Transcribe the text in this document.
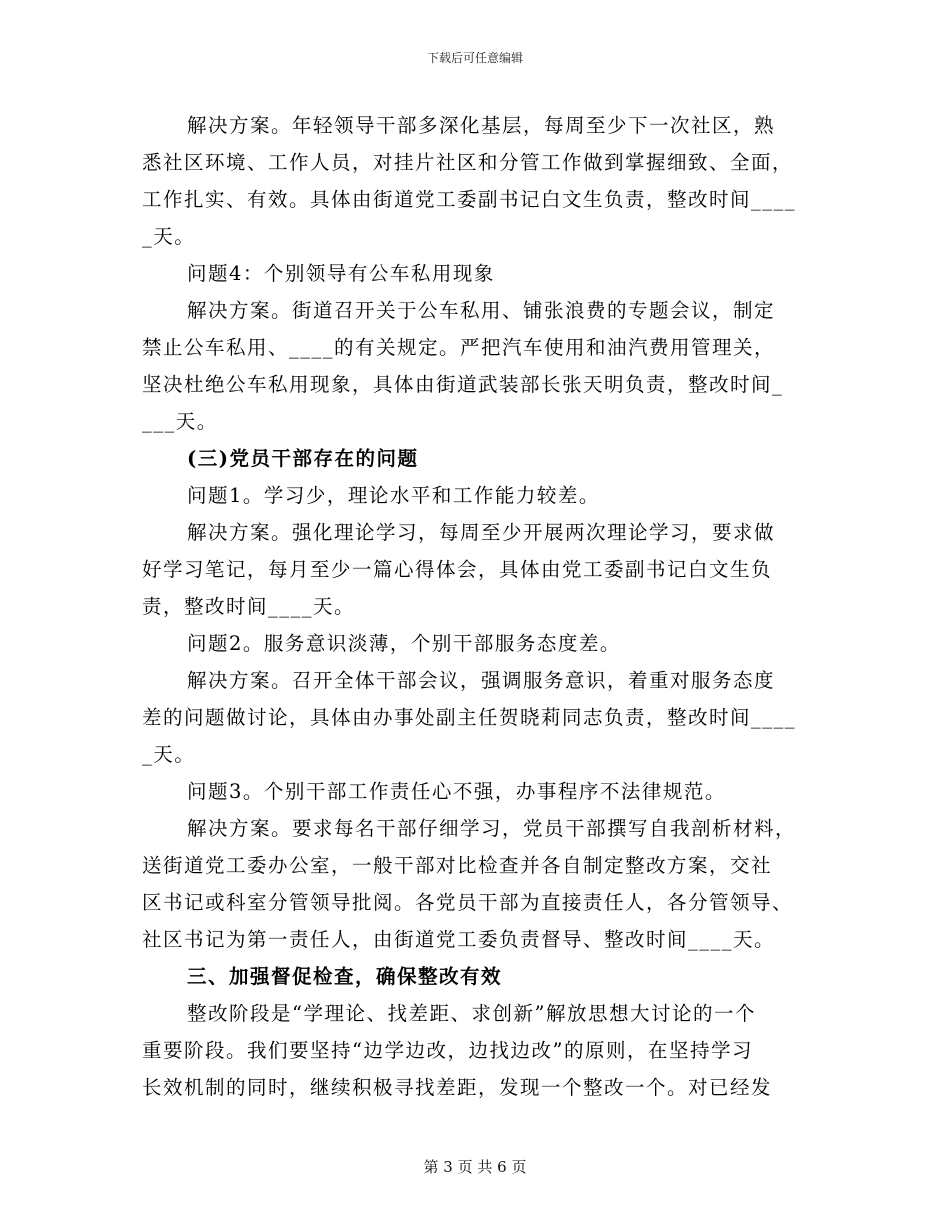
下载后可任意编辑
解决方案。年轻领导干部多深化基层，每周至少下一次社区，熟
悉社区环境、工作人员，对挂片社区和分管工作做到掌握细致、全面，
工作扎实、有效。具体由街道党工委副书记白文生负责，整改时间____
_天。
问题4：个别领导有公车私用现象
解决方案。街道召开关于公车私用、铺张浪费的专题会议，制定
禁止公车私用、____的有关规定。严把汽车使用和油汽费用管理关，
坚决杜绝公车私用现象，具体由街道武装部长张天明负责，整改时间_
___天。
(三)党员干部存在的问题
问题1。学习少，理论水平和工作能力较差。
解决方案。强化理论学习，每周至少开展两次理论学习，要求做
好学习笔记，每月至少一篇心得体会，具体由党工委副书记白文生负
责，整改时间____天。
问题2。服务意识淡薄，个别干部服务态度差。
解决方案。召开全体干部会议，强调服务意识，着重对服务态度
差的问题做讨论，具体由办事处副主任贺晓莉同志负责，整改时间____
_天。
问题3。个别干部工作责任心不强，办事程序不法律规范。
解决方案。要求每名干部仔细学习，党员干部撰写自我剖析材料，
送街道党工委办公室，一般干部对比检查并各自制定整改方案，交社
区书记或科室分管领导批阅。各党员干部为直接责任人，各分管领导、
社区书记为第一责任人，由街道党工委负责督导、整改时间____天。
三、加强督促检查，确保整改有效
整改阶段是“学理论、找差距、求创新”解放思想大讨论的一个
重要阶段。我们要坚持“边学边改，边找边改”的原则，在坚持学习
长效机制的同时，继续积极寻找差距，发现一个整改一个。对已经发
第 3 页 共 6 页
